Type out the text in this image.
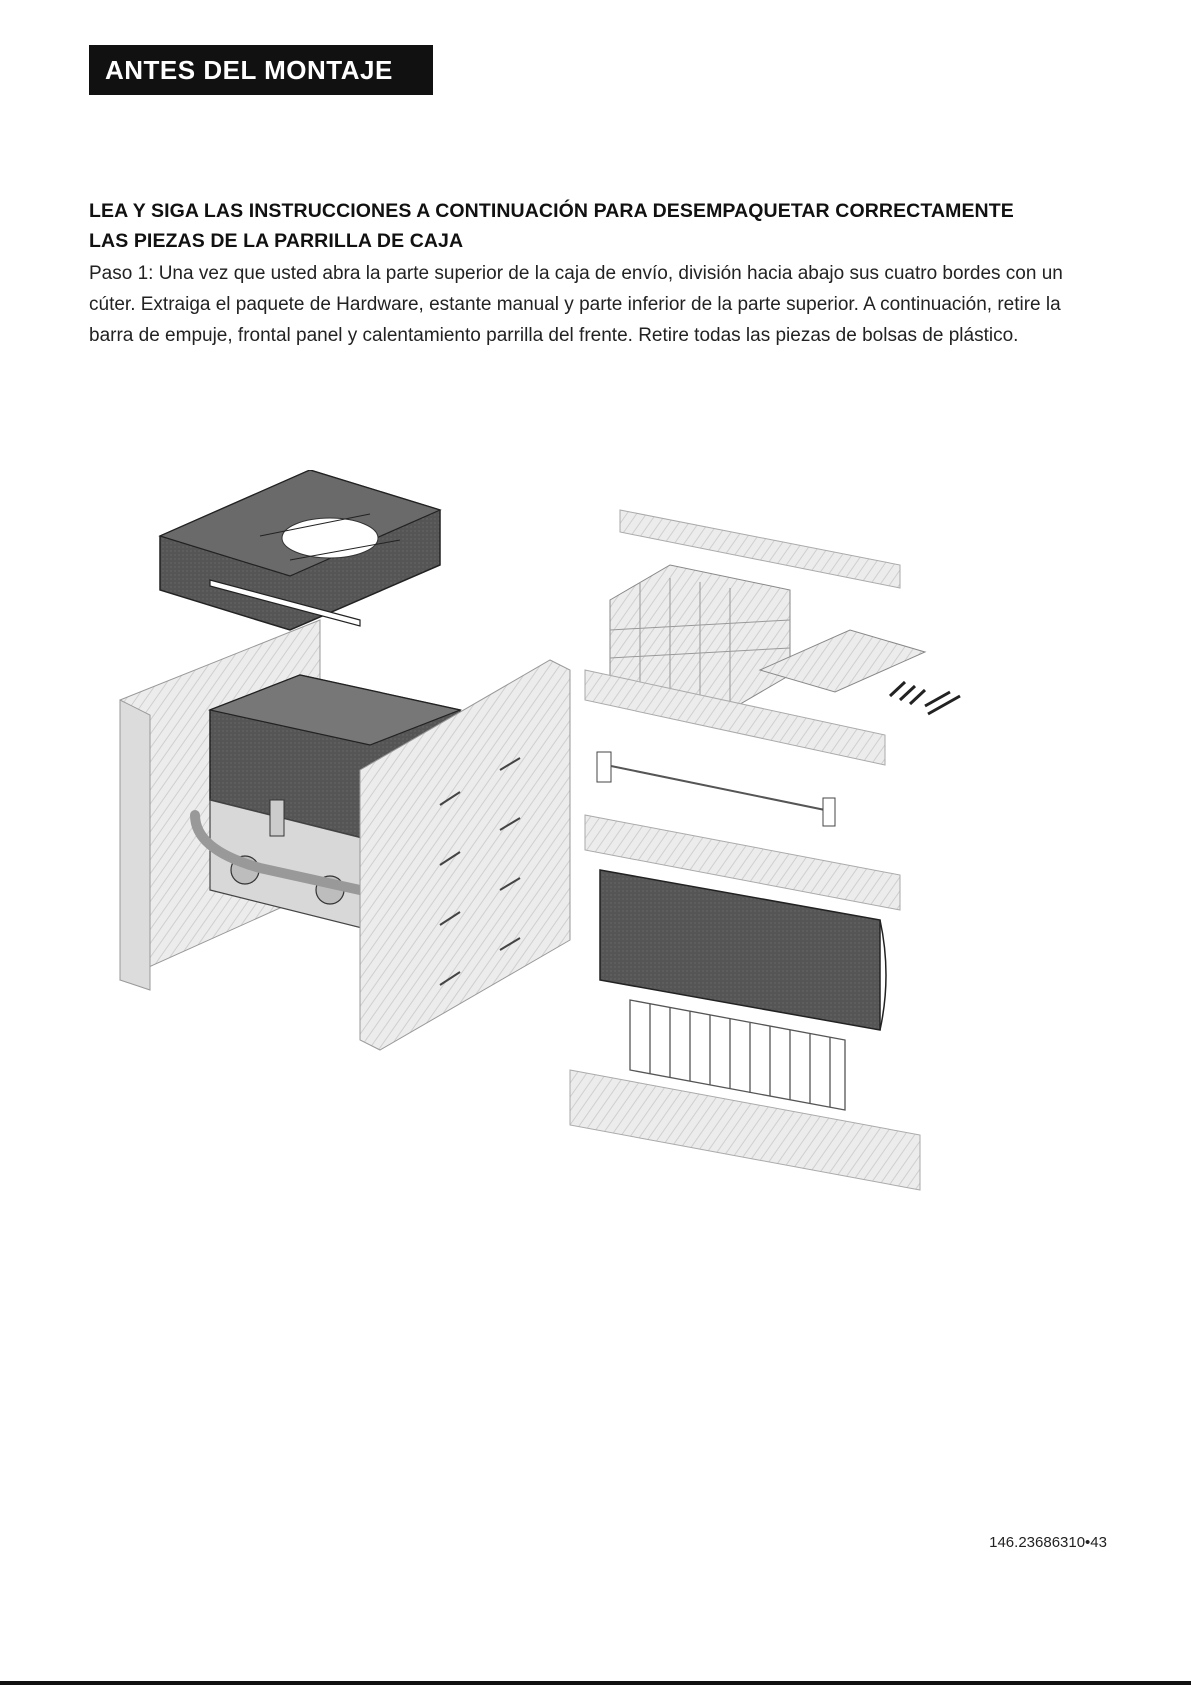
ANTES DEL MONTAJE
LEA Y SIGA LAS INSTRUCCIONES A CONTINUACIÓN PARA DESEMPAQUETAR CORRECTAMENTE
LAS PIEZAS DE LA PARRILLA DE CAJA

Paso 1: Una vez que usted abra la parte superior de la caja de envío, división hacia abajo sus cuatro bordes con un cúter. Extraiga el paquete de Hardware, estante manual y parte inferior de la parte superior. A continuación, retire la barra de empuje, frontal panel y calentamiento parrilla del frente. Retire todas las piezas de bolsas de plástico.

146.23686310•43
